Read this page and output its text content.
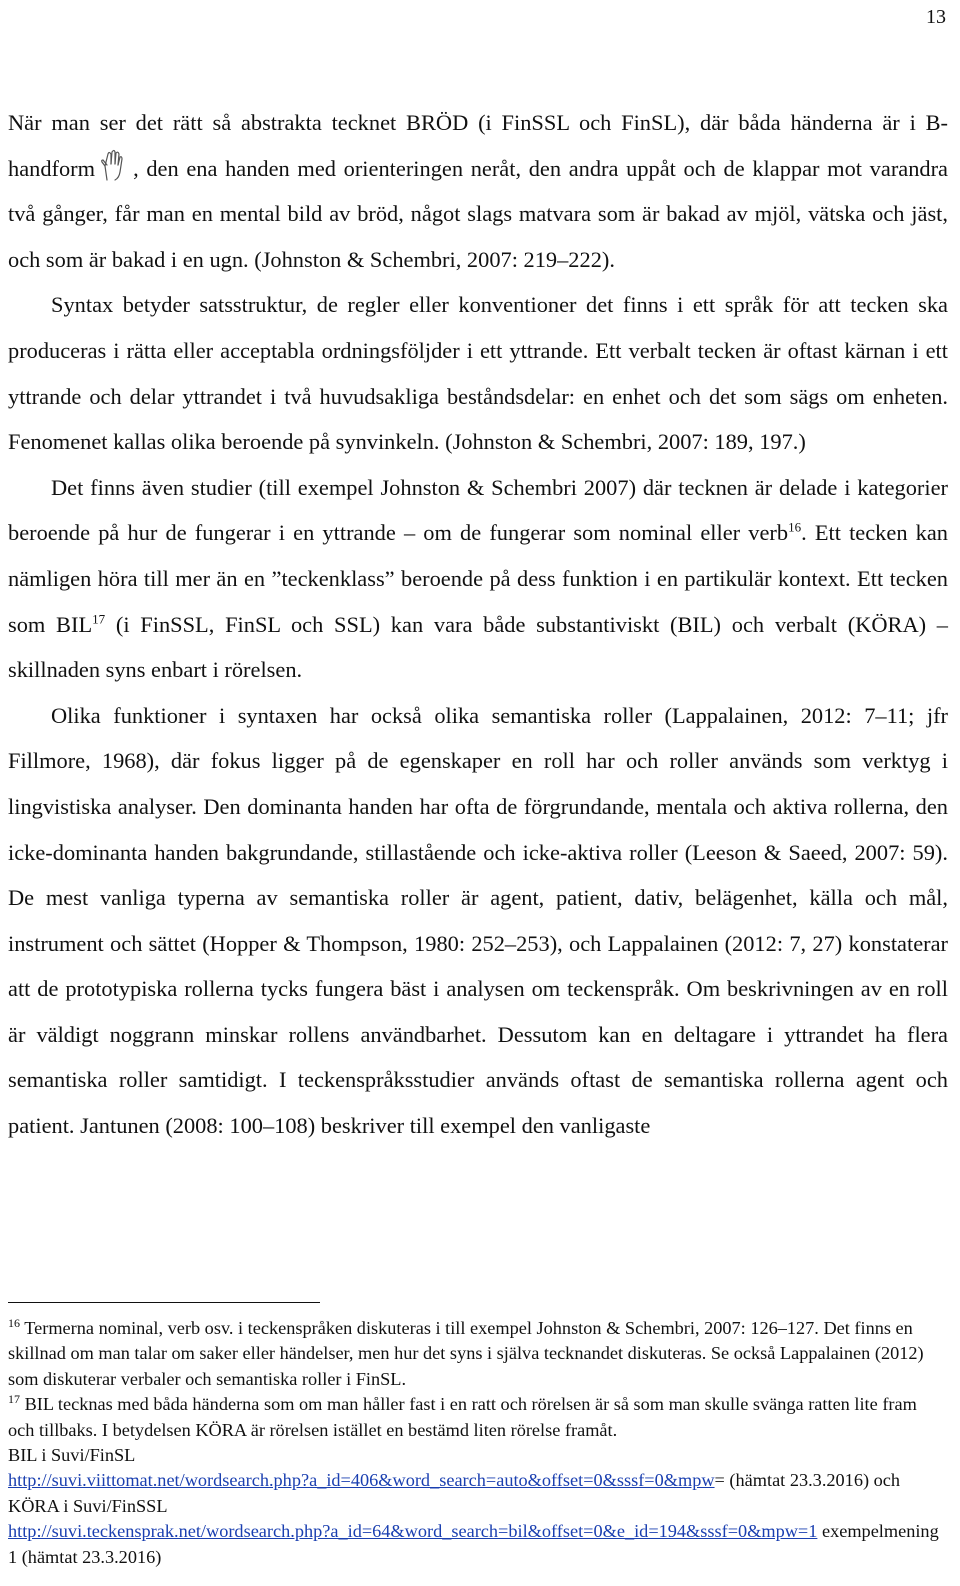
13

När man ser det rätt så abstrakta tecknet BRÖD (i FinSSL och FinSL), där båda händerna är i B-handform , den ena handen med orienteringen neråt, den andra uppåt och de klappar mot varandra två gånger, får man en mental bild av bröd, något slags matvara som är bakad av mjöl, vätska och jäst, och som är bakad i en ugn. (Johnston & Schembri, 2007: 219–222).

Syntax betyder satsstruktur, de regler eller konventioner det finns i ett språk för att tecken ska produceras i rätta eller acceptabla ordningsföljder i ett yttrande. Ett verbalt tecken är oftast kärnan i ett yttrande och delar yttrandet i två huvudsakliga beståndsdelar: en enhet och det som sägs om enheten. Fenomenet kallas olika beroende på synvinkeln. (Johnston & Schembri, 2007: 189, 197.)

Det finns även studier (till exempel Johnston & Schembri 2007) där tecknen är delade i kategorier beroende på hur de fungerar i en yttrande – om de fungerar som nominal eller verb$^{16}$. Ett tecken kan nämligen höra till mer än en ”teckenklass” beroende på dess funktion i en partikulär kontext. Ett tecken som BIL$^{17}$ (i FinSSL, FinSL och SSL) kan vara både substantiviskt (BIL) och verbalt (KÖRA) – skillnaden syns enbart i rörelsen.

Olika funktioner i syntaxen har också olika semantiska roller (Lappalainen, 2012: 7–11; jfr Fillmore, 1968), där fokus ligger på de egenskaper en roll har och roller används som verktyg i lingvistiska analyser. Den dominanta handen har ofta de förgrundande, mentala och aktiva rollerna, den icke-dominanta handen bakgrundande, stillastående och icke-aktiva roller (Leeson & Saeed, 2007: 59). De mest vanliga typerna av semantiska roller är agent, patient, dativ, belägenhet, källa och mål, instrument och sättet (Hopper & Thompson, 1980: 252–253), och Lappalainen (2012: 7, 27) konstaterar att de prototypiska rollerna tycks fungera bäst i analysen om teckenspråk. Om beskrivningen av en roll är väldigt noggrann minskar rollens användbarhet. Dessutom kan en deltagare i yttrandet ha flera semantiska roller samtidigt. I teckenspråksstudier används oftast de semantiska rollerna agent och patient. Jantunen (2008: 100–108) beskriver till exempel den vanligaste

$^{16}$ Termerna nominal, verb osv. i teckenspråken diskuteras i till exempel Johnston & Schembri, 2007: 126–127. Det finns en skillnad om man talar om saker eller händelser, men hur det syns i själva tecknandet diskuteras. Se också Lappalainen (2012) som diskuterar verbaler och semantiska roller i FinSL.

$^{17}$ BIL tecknas med båda händerna som om man håller fast i en ratt och rörelsen är så som man skulle svänga ratten lite fram och tillbaks. I betydelsen KÖRA är rörelsen istället en bestämd liten rörelse framåt.

BIL i Suvi/FinSL

http://suvi.viittomat.net/wordsearch.php?a_id=406&word_search=auto&offset=0&sssf=0&mpw= (hämtat 23.3.2016) och KÖRA i Suvi/FinSSL

http://suvi.teckensprak.net/wordsearch.php?a_id=64&word_search=bil&offset=0&e_id=194&sssf=0&mpw=1 exempelmening 1 (hämtat 23.3.2016)
